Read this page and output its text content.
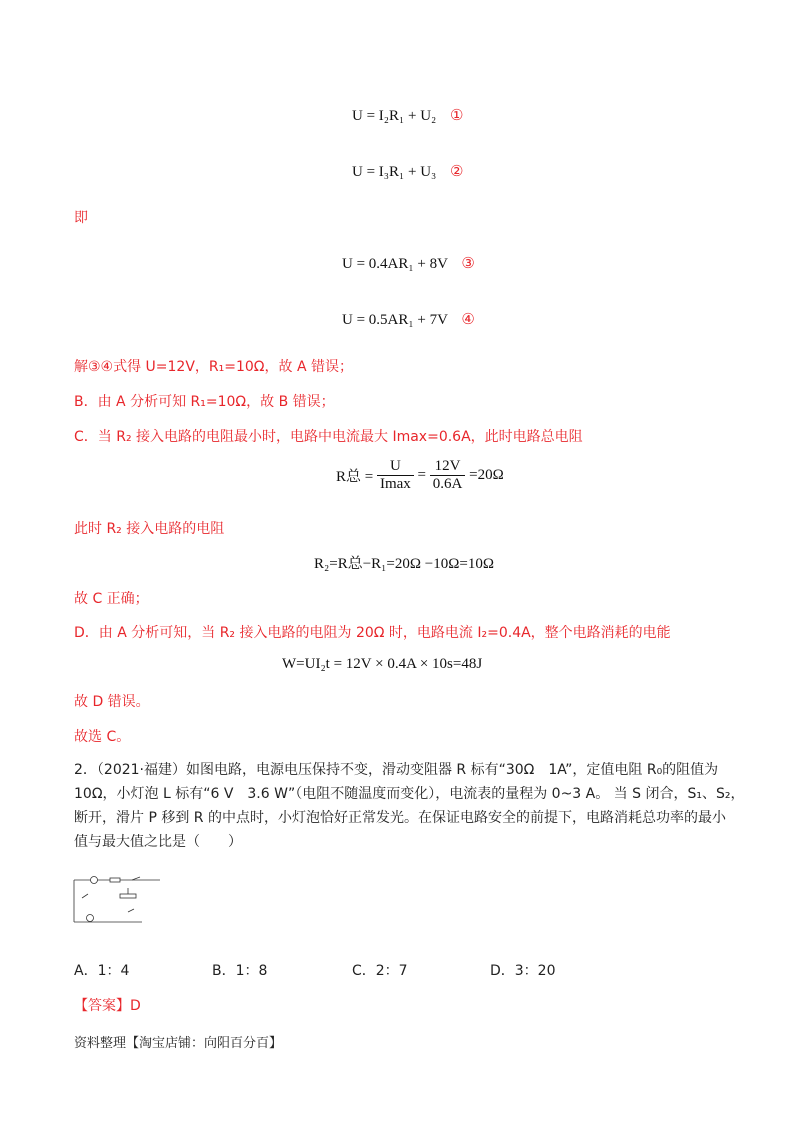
U = I₂R₁ + U₂ ①
U = I₃R₁ + U₃ ②
即
U = 0.4AR₁ + 8V ③
U = 0.5AR₁ + 7V ④
解③④式得 U=12V，R₁=10Ω，故 A 错误；
B．由 A 分析可知 R₁=10Ω，故 B 错误；
C．当 R₂ 接入电路的电阻最小时，电路中电流最大 Imax=0.6A，此时电路总电阻
R总 = $\frac{U}{Imax} = \frac{12V}{0.6A} =20\Omega$
此时 R₂ 接入电路的电阻
R₂=R总−R₁=20Ω −10Ω=10Ω
故 C 正确；
D．由 A 分析可知，当 R₂ 接入电路的电阻为 20Ω 时，电路电流 I₂=0.4A，整个电路消耗的电能
W=UI₂t = 12V × 0.4A × 10s=48J
故 D 错误。
故选 C。
2．（2021·福建）如图电路，电源电压保持不变，滑动变阻器 R 标有“30Ω　1A”，定值电阻 R₀的阻值为
10Ω，小灯泡 L 标有“6 V　3.6 W”（电阻不随温度而变化），电流表的量程为 0~3 A。 当 S 闭合，S₁、S₂，
断开，滑片 P 移到 R 的中点时，小灯泡恰好正常发光。在保证电路安全的前提下，电路消耗总功率的最小
值与最大值之比是（　　）
A．1：4	B．1：8	C．2：7	D．3：20
【答案】D
资料整理【淘宝店铺：向阳百分百】
